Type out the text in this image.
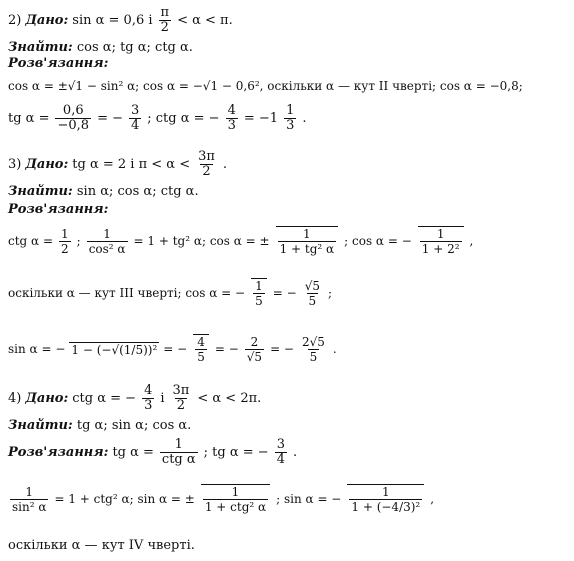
2) Дано: sin α = 0,6 і $\frac{\pi}{2} < \alpha < \pi$.
Знайти: cos α; tg α; ctg α.
Розв'язання:
cos α = ±√1 − sin² α; cos α = −√1 − 0,6², оскільки α — кут II чверті; cos α = −0,8;
tg $\alpha = \frac{0,6}{-0,8}$ = − $\frac{3}{4}$ ; ctg α = − $\frac{4}{3} = -1 \frac{1}{3}$ .
3) Дано: tg α = 2 і $\pi < \alpha < \frac{3\pi}{2}$ .
Знайти: sin α; cos α; ctg α.
Розв'язання:
ctg $\alpha = \frac{1}{2}$ ; $\frac{1}{\text{cos² α}} = 1 + tg^2$ α; cos α = ± $\frac{1}{\text{1 + tg² α}}$ ; cos α = − $\frac{1}{\text{1 + 2²}}$ ,
оскільки α — кут III чверті; cos α = − $\frac{1}{5}$ = − $\frac{√5}{5}$ ;
sin α = − 1 − (−√(1/5))² = − $\frac{4}{5}$ = − $\frac{2}{√5}$ = − $\frac{2√5}{5}$ .
4) Дано: ctg α = − $\frac{4}{3}$ і $\frac{3\pi}{2} < \alpha < 2\pi$.
Знайти: tg α; sin α; cos α.
Розв'язання: tg $\alpha = \frac{1}{\text{ctg α}}$ ; tg α = − $\frac{3}{4}$ .
$\frac{1}{\text{sin² α}} = 1 + ctg^2$ α; sin α = ± $\frac{1}{\text{1 + ctg² α}}$ ; sin α = − $\frac{1}{\text{1 + (−4/3)²}}$ ,
оскільки α — кут IV чверті.
